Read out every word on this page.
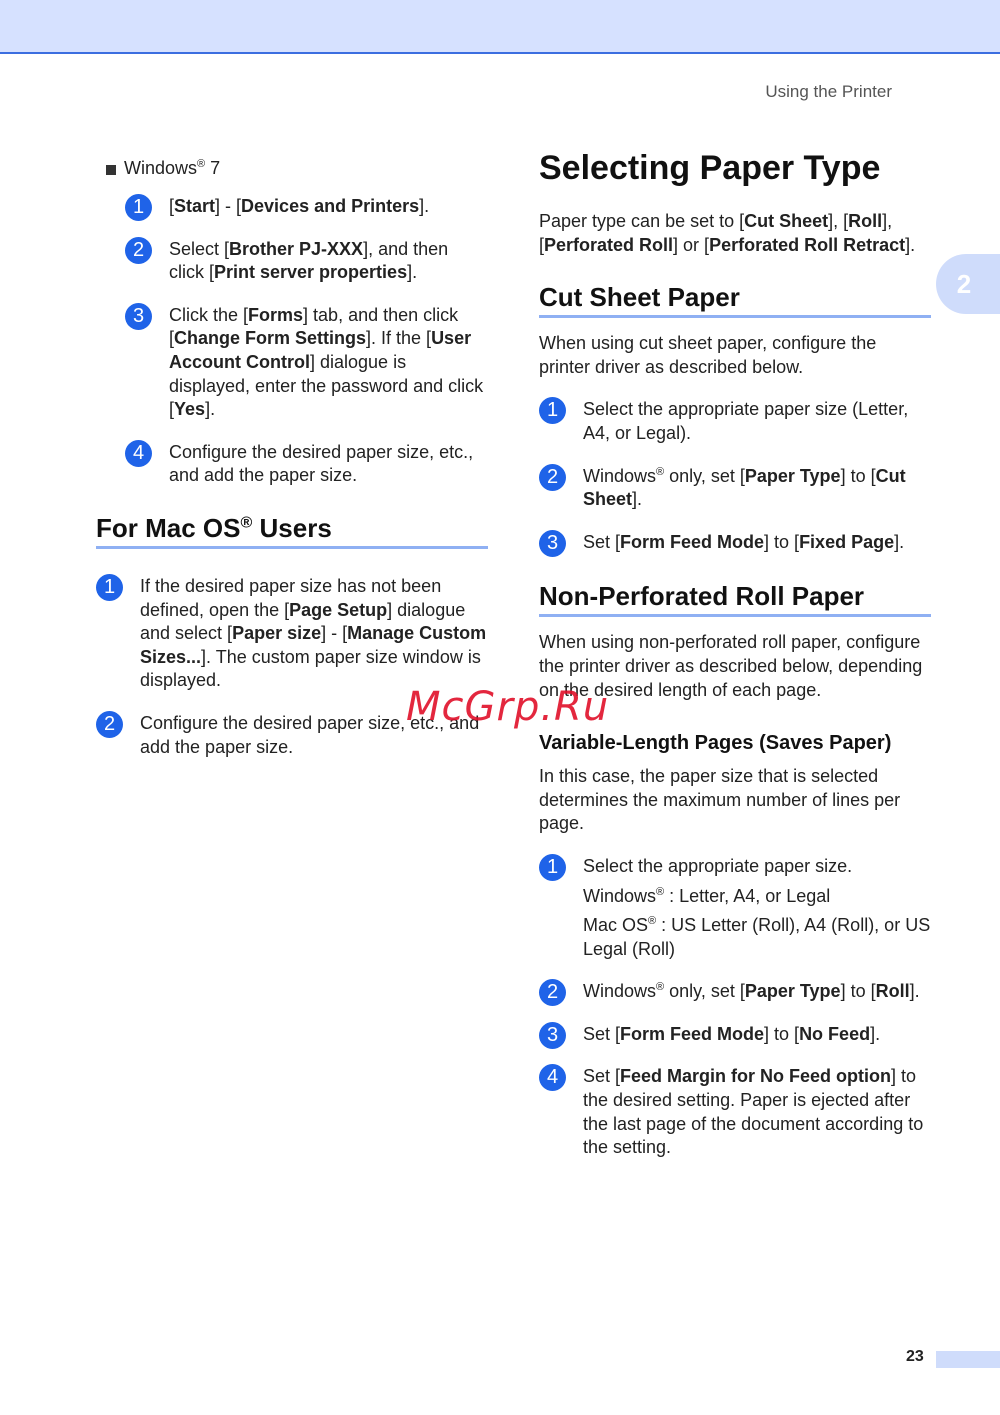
Using the Printer
2
Windows® 7
1	[Start] - [Devices and Printers].
2	Select [Brother PJ-XXX], and then click [Print server properties].
3	Click the [Forms] tab, and then click [Change Form Settings]. If the [User Account Control] dialogue is displayed, enter the password and click [Yes].
4	Configure the desired paper size, etc., and add the paper size.
For Mac OS® Users
1	If the desired paper size has not been defined, open the [Page Setup] dialogue and select [Paper size] - [Manage Custom Sizes...]. The custom paper size window is displayed.
2	Configure the desired paper size, etc., and add the paper size.
Selecting Paper Type

Paper type can be set to [Cut Sheet], [Roll], [Perforated Roll] or [Perforated Roll Retract].

Cut Sheet Paper

When using cut sheet paper, configure the printer driver as described below.

1	Select the appropriate paper size (Letter, A4, or Legal).
2	Windows® only, set [Paper Type] to [Cut Sheet].
3	Set [Form Feed Mode] to [Fixed Page].
Non-Perforated Roll Paper

When using non-perforated roll paper, configure the printer driver as described below, depending on the desired length of each page.

Variable-Length Pages (Saves Paper)

In this case, the paper size that is selected determines the maximum number of lines per page.

1	Select the appropriate paper size.
Windows® : Letter, A4, or Legal
Mac OS® : US Letter (Roll), A4 (Roll), or US Legal (Roll)
2	Windows® only, set [Paper Type] to [Roll].
3	Set [Form Feed Mode] to [No Feed].
4	Set [Feed Margin for No Feed option] to the desired setting. Paper is ejected after the last page of the document according to the setting.
McGrp.Ru
23
